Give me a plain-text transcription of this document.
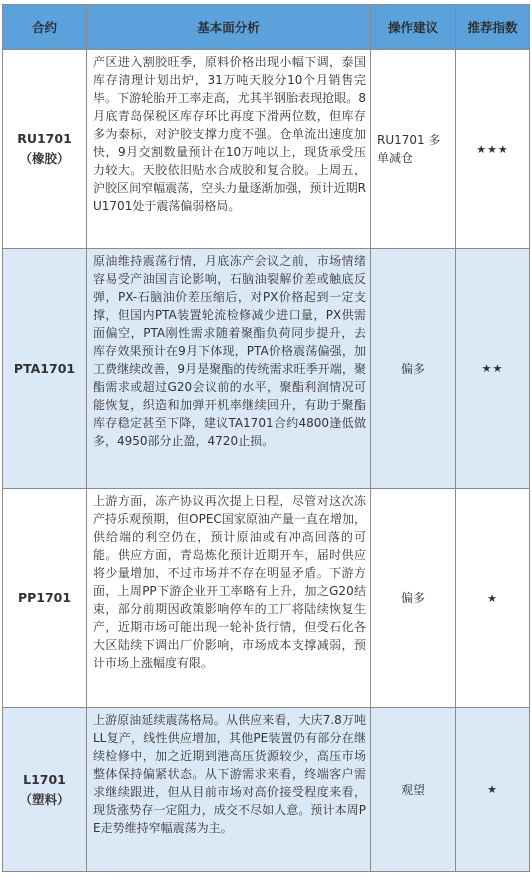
合约	基本面分析	操作建议	推荐指数

RU1701
（橡胶）	产区进入割胶旺季，原料价格出现小幅下调，泰国库存清理计划出炉，31万吨天胶分10个月销售完毕。下游轮胎开工率走高，尤其半钢胎表现抢眼。8月底青岛保税区库存环比再度下滑两位数，但库存多为泰标，对沪胶支撑力度不强。仓单流出速度加快，9月交割数量预计在10万吨以上，现货承受压力较大。天胶依旧贴水合成胶和复合胶。上周五，沪胶区间窄幅震荡，空头力量逐渐加强，预计近期RU1701处于震荡偏弱格局。	RU1701 多单减仓	★★★

PTA1701	原油维持震荡行情，月底冻产会议之前，市场情绪容易受产油国言论影响，石脑油裂解价差或触底反弹，PX-石脑油价差压缩后，对PX价格起到一定支撑，但国内PTA装置轮流检修减少进口量，PX供需面偏空，PTA刚性需求随着聚酯负荷同步提升，去库存效果预计在9月下体现，PTA价格震荡偏强，加工费继续改善，9月是聚酯的传统需求旺季开端，聚酯需求或超过G20会议前的水平，聚酯利润情况可能恢复，织造和加弹开机率继续回升，有助于聚酯库存稳定甚至下降，建议TA1701合约4800逢低做多，4950部分止盈，4720止损。	偏多	★★

PP1701	上游方面，冻产协议再次提上日程，尽管对这次冻产持乐观预期，但OPEC国家原油产量一直在增加，供给端的利空仍在，预计原油或有冲高回落的可能。供应方面，青岛炼化预计近期开车，届时供应将少量增加，不过市场并不存在明显矛盾。下游方面，上周PP下游企业开工率略有上升，加之G20结束，部分前期因政策影响停车的工厂将陆续恢复生产，近期市场可能出现一轮补货行情，但受石化各大区陆续下调出厂价影响，市场成本支撑减弱，预计市场上涨幅度有限。	偏多	★

L1701
（塑料）	上游原油延续震荡格局。从供应来看，大庆7.8万吨LL复产，线性供应增加，其他PE装置仍有部分在继续检修中，加之近期到港高压货源较少，高压市场整体保持偏紧状态。从下游需求来看，终端客户需求继续跟进，但从目前市场对高价接受程度来看，现货涨势存一定阻力，成交不尽如人意。预计本周PE走势维持窄幅震荡为主。	观望	★
